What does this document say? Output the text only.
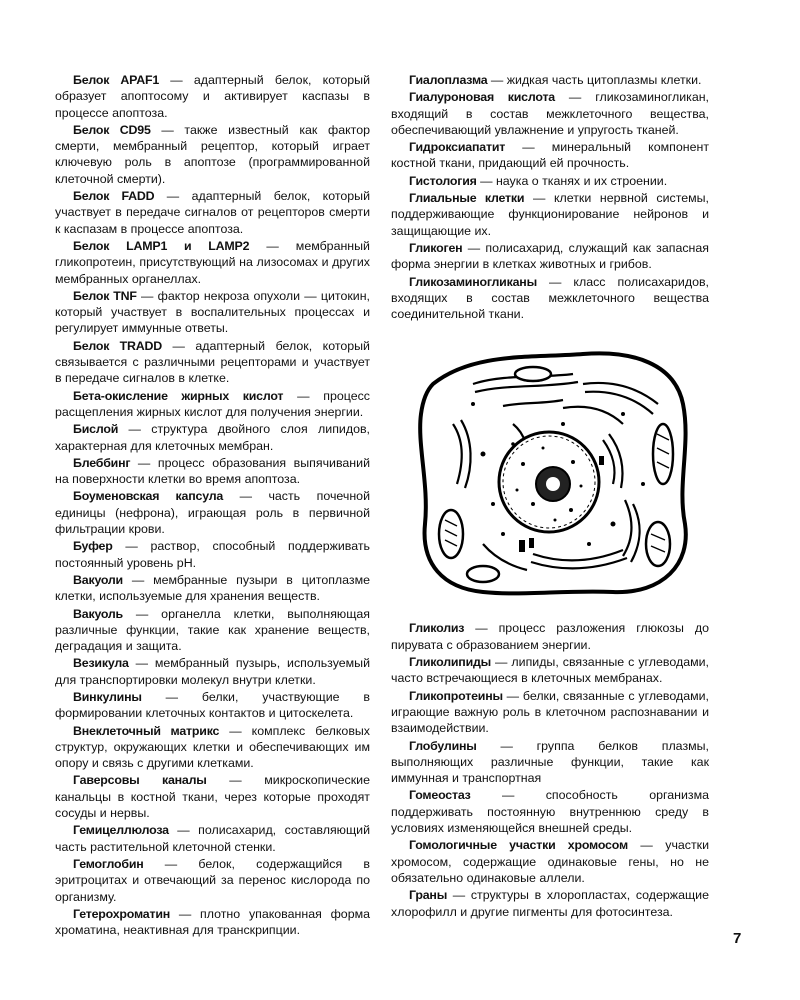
Белок APAF1 — адаптерный белок, который образует апоптосому и активирует каспазы в процессе апоптоза.

Белок CD95 — также известный как фактор смерти, мембранный рецептор, который играет ключевую роль в апоптозе (программированной клеточной смерти).

Белок FADD — адаптерный белок, который участвует в передаче сигналов от рецепторов смерти к каспазам в процессе апоптоза.

Белок LAMP1 и LAMP2 — мембранный гликопротеин, присутствующий на лизосомах и других мембранных органеллах.

Белок TNF — фактор некроза опухоли — цитокин, который участвует в воспалительных процессах и регулирует иммунные ответы.

Белок TRADD — адаптерный белок, который связывается с различными рецепторами и участвует в передаче сигналов в клетке.

Бета-окисление жирных кислот — процесс расщепления жирных кислот для получения энергии.

Бислой — структура двойного слоя липидов, характерная для клеточных мембран.

Блеббинг — процесс образования выпячиваний на поверхности клетки во время апоптоза.

Боуменовская капсула — часть почечной единицы (нефрона), играющая роль в первичной фильтрации крови.

Буфер — раствор, способный поддерживать постоянный уровень pH.

Вакуоли — мембранные пузыри в цитоплазме клетки, используемые для хранения веществ.

Вакуоль — органелла клетки, выполняющая различные функции, такие как хранение веществ, деградация и защита.

Везикула — мембранный пузырь, используемый для транспортировки молекул внутри клетки.

Винкулины — белки, участвующие в формировании клеточных контактов и цитоскелета.

Внеклеточный матрикс — комплекс белковых структур, окружающих клетки и обеспечивающих им опору и связь с другими клетками.

Гаверсовы каналы — микроскопические канальцы в костной ткани, через которые проходят сосуды и нервы.

Гемицеллюлоза — полисахарид, составляющий часть растительной клеточной стенки.

Гемоглобин — белок, содержащийся в эритроцитах и отвечающий за перенос кислорода по организму.

Гетерохроматин — плотно упакованная форма хроматина, неактивная для транскрипции.

Гиалоплазма — жидкая часть цитоплазмы клетки.

Гиалуроновая кислота — гликозаминогликан, входящий в состав межклеточного вещества, обеспечивающий увлажнение и упругость тканей.

Гидроксиапатит — минеральный компонент костной ткани, придающий ей прочность.

Гистология — наука о тканях и их строении.

Глиальные клетки — клетки нервной системы, поддерживающие функционирование нейронов и защищающие их.

Гликоген — полисахарид, служащий как запасная форма энергии в клетках животных и грибов.

Гликозаминогликаны — класс полисахаридов, входящих в состав межклеточного вещества соединительной ткани.

Гликолиз — процесс разложения глюкозы до пирувата с образованием энергии.

Гликолипиды — липиды, связанные с углеводами, часто встречающиеся в клеточных мембранах.

Гликопротеины — белки, связанные с углеводами, играющие важную роль в клеточном распознавании и взаимодействии.

Глобулины — группа белков плазмы, выполняющих различные функции, такие как иммунная и транспортная

Гомеостаз — способность организма поддерживать постоянную внутреннюю среду в условиях изменяющейся внешней среды.

Гомологичные участки хромосом — участки хромосом, содержащие одинаковые гены, но не обязательно одинаковые аллели.

Граны — структуры в хлоропластах, содержащие хлорофилл и другие пигменты для фотосинтеза.

7
